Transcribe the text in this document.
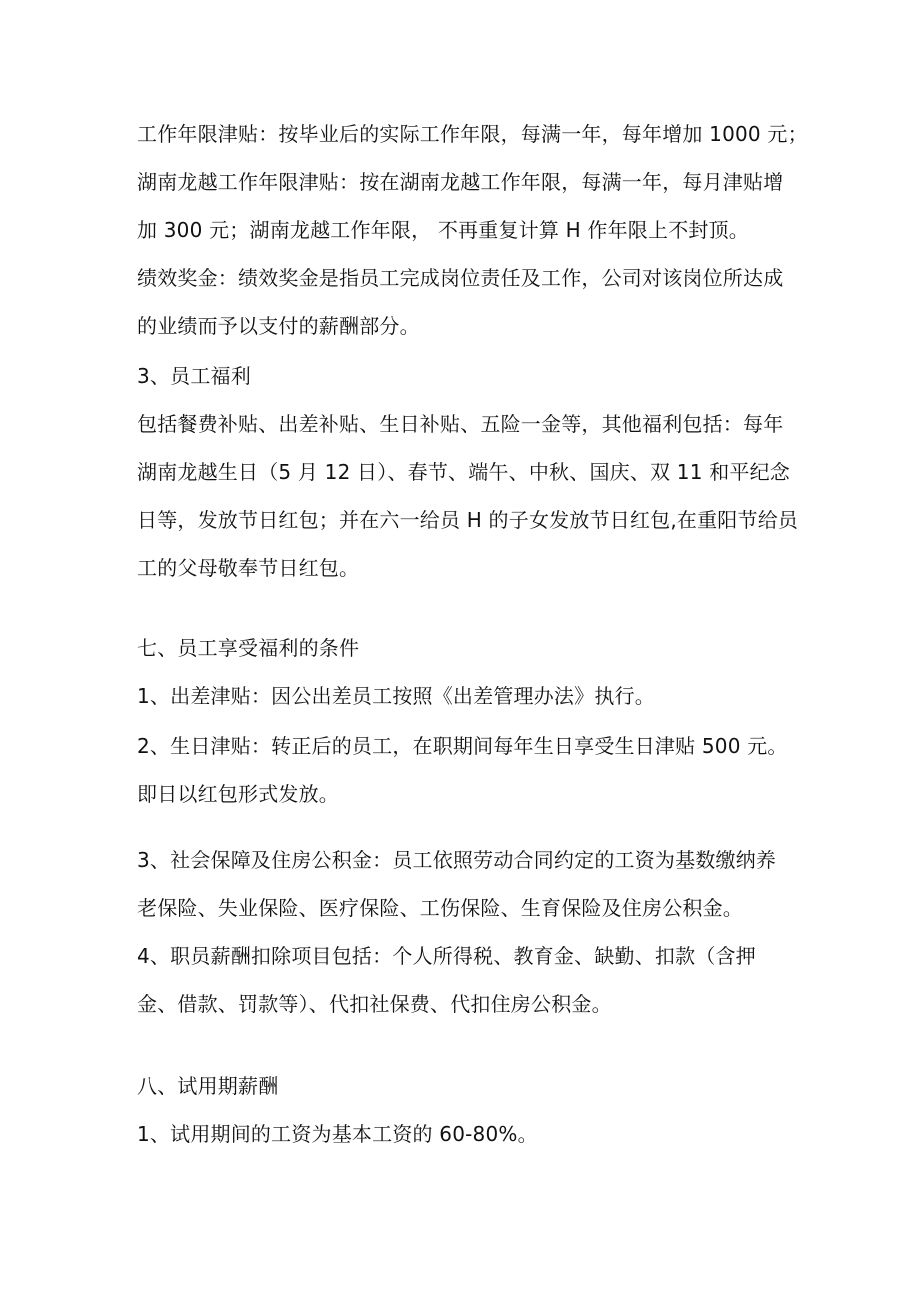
工作年限津贴：按毕业后的实际工作年限，每满一年，每年增加 1000 元；
湖南龙越工作年限津贴：按在湖南龙越工作年限，每满一年，每月津贴增
加 300 元；湖南龙越工作年限， 不再重复计算 H 作年限上不封顶。
绩效奖金：绩效奖金是指员工完成岗位责任及工作，公司对该岗位所达成
的业绩而予以支付的薪酬部分。
3、员工福利
包括餐费补贴、出差补贴、生日补贴、五险一金等，其他福利包括：每年
湖南龙越生日（5 月 12 日）、春节、端午、中秋、国庆、双 11 和平纪念
日等，发放节日红包；并在六一给员 H 的子女发放节日红包,在重阳节给员
工的父母敬奉节日红包。
七、员工享受福利的条件
1、出差津贴：因公出差员工按照《出差管理办法》执行。
2、生日津贴：转正后的员工，在职期间每年生日享受生日津贴 500 元。
即日以红包形式发放。
3、社会保障及住房公积金：员工依照劳动合同约定的工资为基数缴纳养
老保险、失业保险、医疗保险、工伤保险、生育保险及住房公积金。
4、职员薪酬扣除项目包括：个人所得税、教育金、缺勤、扣款（含押
金、借款、罚款等）、代扣社保费、代扣住房公积金。
八、试用期薪酬
1、试用期间的工资为基本工资的 60-80%。
